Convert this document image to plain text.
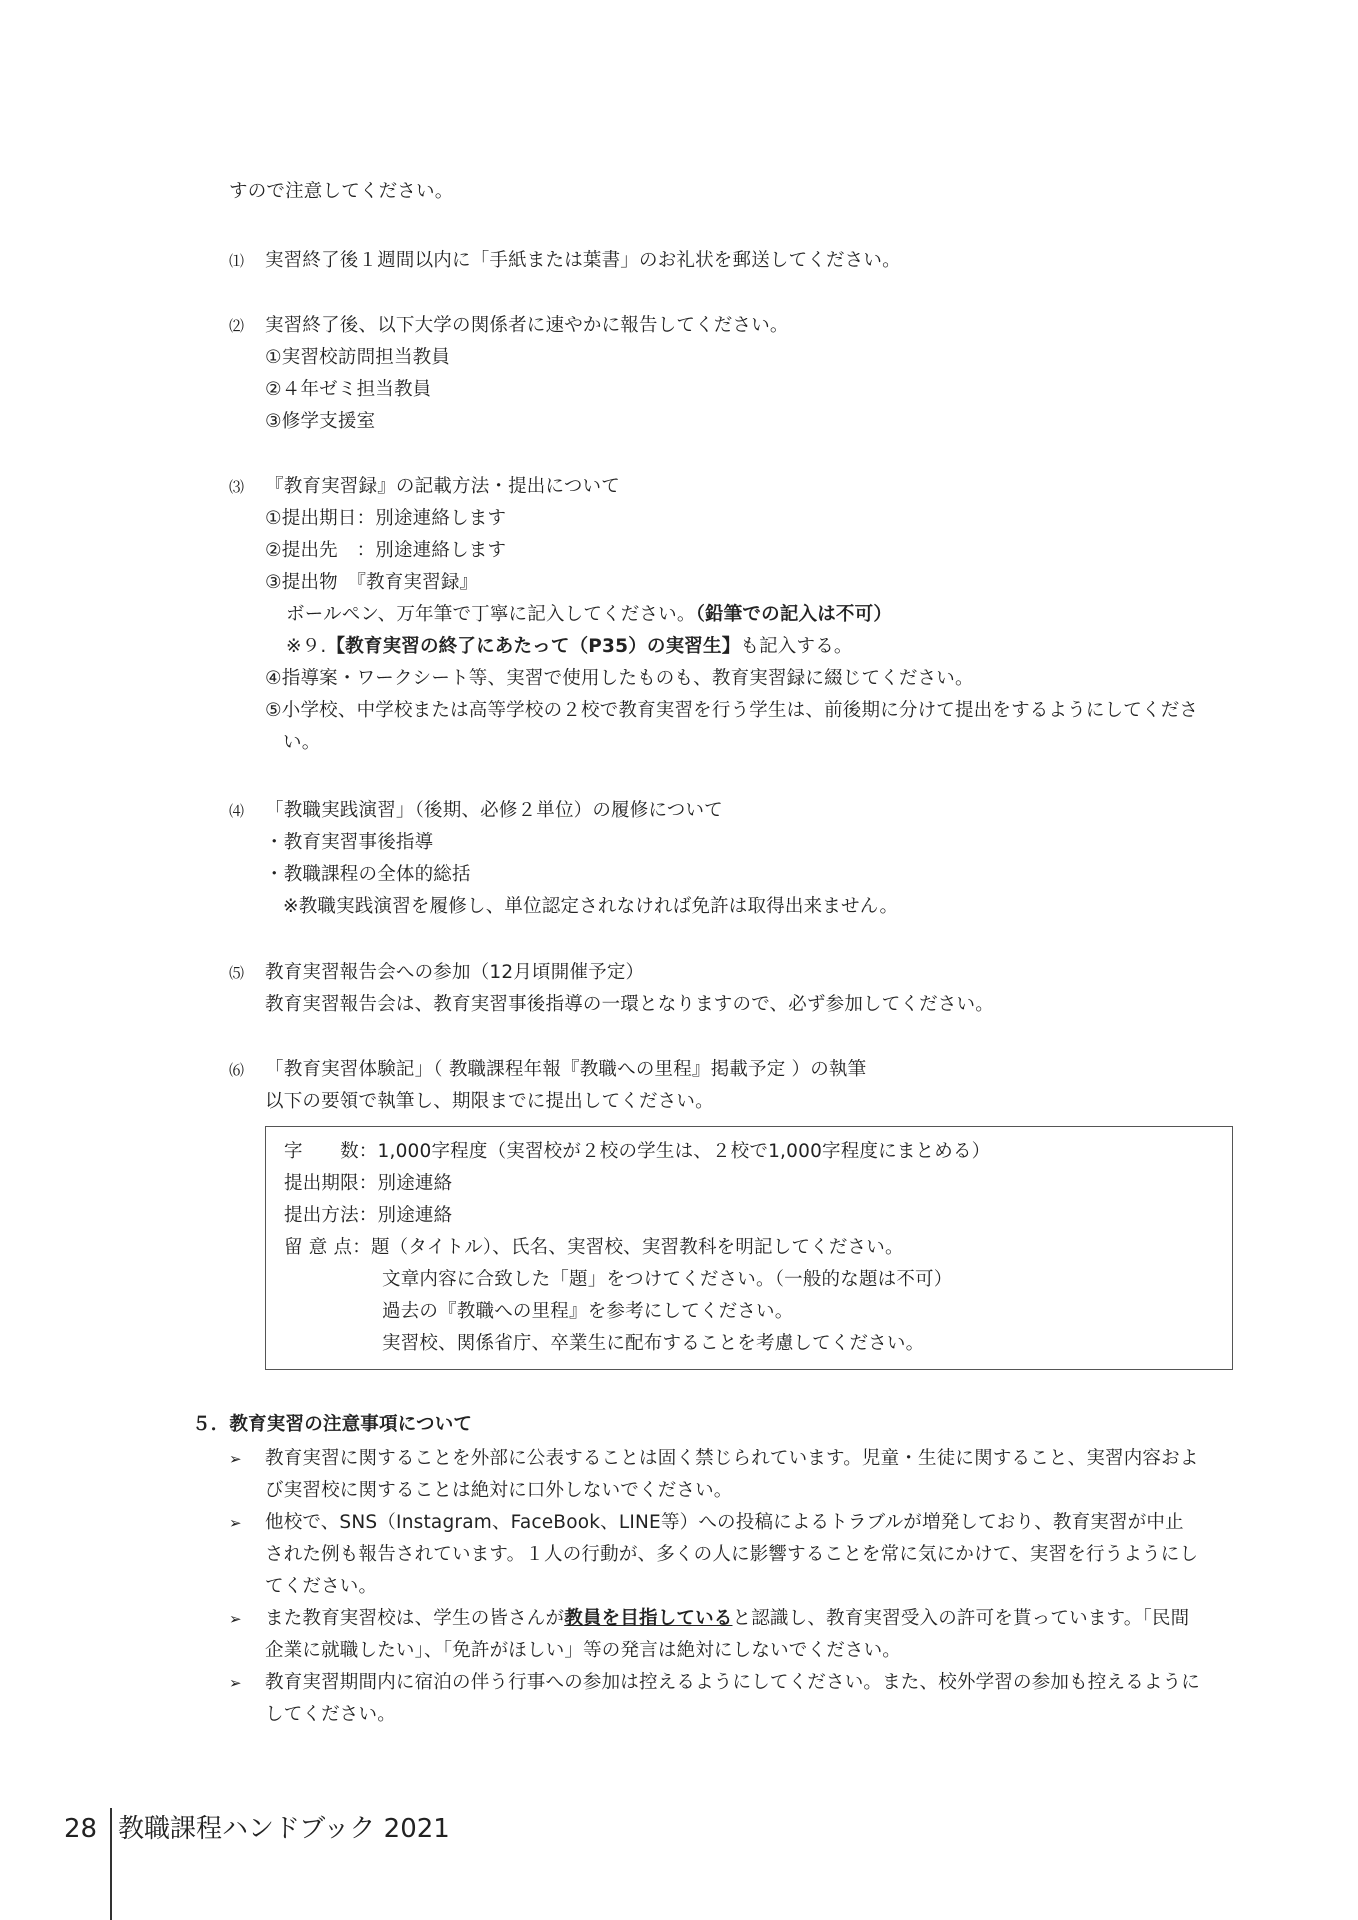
すので注意してください。
⑴ 実習終了後１週間以内に「手紙または葉書」のお礼状を郵送してください。
⑵ 実習終了後、以下大学の関係者に速やかに報告してください。
①実習校訪問担当教員
②４年ゼミ担当教員
③修学支援室
⑶ 『教育実習録』の記載方法・提出について
①提出期日：別途連絡します
②提出先　：別途連絡します
③提出物　『教育実習録』
ボールペン、万年筆で丁寧に記入してください。（鉛筆での記入は不可）
※９.【教育実習の終了にあたって（P35）の実習生】も記入する。
④指導案・ワークシート等、実習で使用したものも、教育実習録に綴じてください。
⑤小学校、中学校または高等学校の２校で教育実習を行う学生は、前後期に分けて提出をするようにしてくださ
い。
⑷ 「教職実践演習」（後期、必修２単位）の履修について
・教育実習事後指導
・教職課程の全体的総括
※教職実践演習を履修し、単位認定されなければ免許は取得出来ません。
⑸ 教育実習報告会への参加（12月頃開催予定）
教育実習報告会は、教育実習事後指導の一環となりますので、必ず参加してください。
⑹ 「教育実習体験記」（ 教職課程年報『教職への里程』掲載予定 ）の執筆
以下の要領で執筆し、期限までに提出してください。
字　　数：1,000字程度（実習校が２校の学生は、２校で1,000字程度にまとめる）
提出期限：別途連絡
提出方法：別途連絡
留 意 点：題（タイトル）、氏名、実習校、実習教科を明記してください。
文章内容に合致した「題」をつけてください。（一般的な題は不可）
過去の『教職への里程』を参考にしてください。
実習校、関係省庁、卒業生に配布することを考慮してください。
５．教育実習の注意事項について
➢ 教育実習に関することを外部に公表することは固く禁じられています。児童・生徒に関すること、実習内容およ
び実習校に関することは絶対に口外しないでください。
➢ 他校で、SNS（Instagram、FaceBook、LINE等）への投稿によるトラブルが増発しており、教育実習が中止
された例も報告されています。１人の行動が、多くの人に影響することを常に気にかけて、実習を行うようにし
てください。
➢ また教育実習校は、学生の皆さんが教員を目指していると認識し、教育実習受入の許可を貰っています。「民間
企業に就職したい」、「免許がほしい」等の発言は絶対にしないでください。
➢ 教育実習期間内に宿泊の伴う行事への参加は控えるようにしてください。また、校外学習の参加も控えるように
してください。
28 教職課程ハンドブック 2021
